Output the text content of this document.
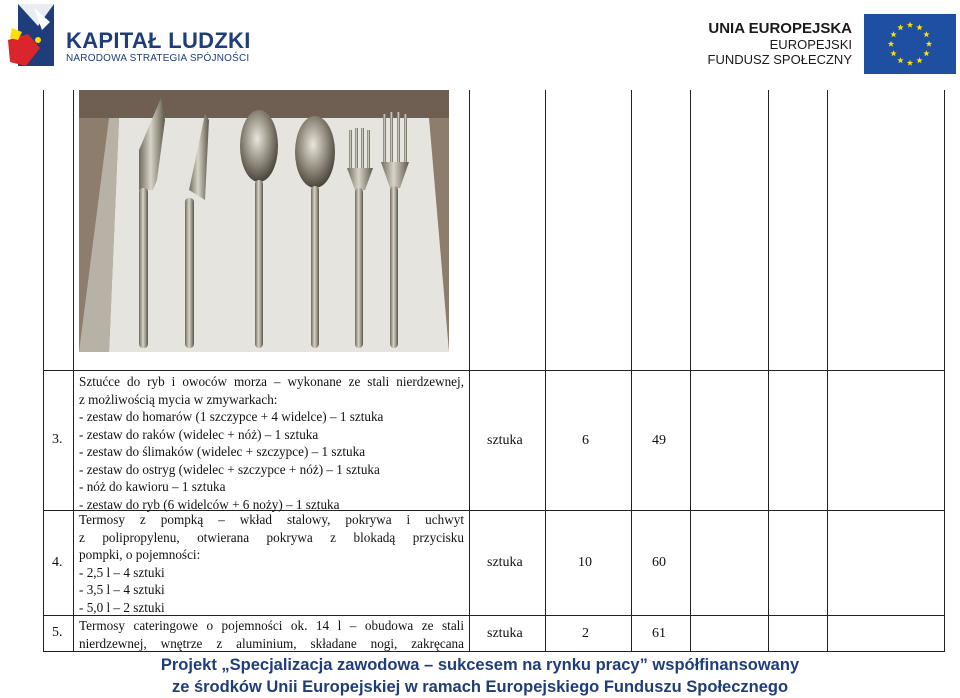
KAPITAŁ LUDZKI
NARODOWA STRATEGIA SPÓJNOŚCI
UNIA EUROPEJSKA
EUROPEJSKI
FUNDUSZ SPOŁECZNY
3.
Sztućce do ryb i owoców morza – wykonane ze stali nierdzewnej,
z możliwością mycia w zmywarkach:
- zestaw do homarów (1 szczypce + 4 widelce) – 1 sztuka
- zestaw do raków (widelec + nóż) – 1 sztuka
- zestaw do ślimaków (widelec + szczypce) – 1 sztuka
- zestaw do ostryg (widelec + szczypce + nóż) – 1 sztuka
- nóż do kawioru – 1 sztuka
- zestaw do ryb (6 widelców + 6 noży) – 1 sztuka
sztuka	6	49
4.
Termosy z pompką – wkład stalowy, pokrywa i uchwyt
z polipropylenu, otwierana pokrywa z blokadą przycisku
pompki, o pojemności:
- 2,5 l – 4 sztuki
- 3,5 l – 4 sztuki
- 5,0 l – 2 sztuki
sztuka	10	60
5. Termosy cateringowe o pojemności ok. 14 l – obudowa ze stali
nierdzewnej, wnętrze z aluminium, składane nogi, zakręcana
sztuka	2	61
Projekt „Specjalizacja zawodowa – sukcesem na rynku pracy” współfinansowany
ze środków Unii Europejskiej w ramach Europejskiego Funduszu Społecznego
